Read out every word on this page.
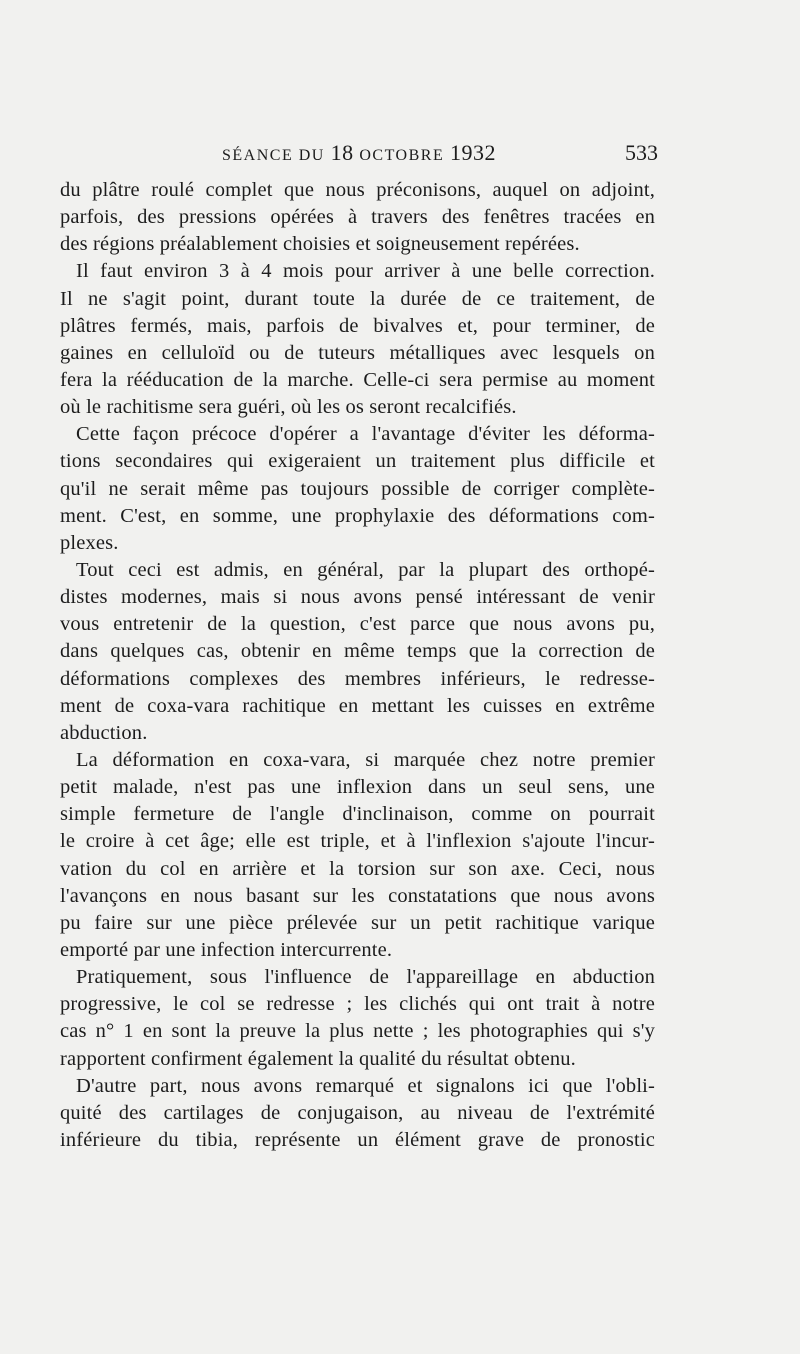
SÉANCE DU 18 OCTOBRE 1932	533
du plâtre roulé complet que nous préconisons, auquel on adjoint,
parfois, des pressions opérées à travers des fenêtres tracées en
des régions préalablement choisies et soigneusement repérées.
Il faut environ 3 à 4 mois pour arriver à une belle correction.
Il ne s'agit point, durant toute la durée de ce traitement, de
plâtres fermés, mais, parfois de bivalves et, pour terminer, de
gaines en celluloïd ou de tuteurs métalliques avec lesquels on
fera la rééducation de la marche. Celle-ci sera permise au moment
où le rachitisme sera guéri, où les os seront recalcifiés.
Cette façon précoce d'opérer a l'avantage d'éviter les déforma-
tions secondaires qui exigeraient un traitement plus difficile et
qu'il ne serait même pas toujours possible de corriger complète-
ment. C'est, en somme, une prophylaxie des déformations com-
plexes.
Tout ceci est admis, en général, par la plupart des orthopé-
distes modernes, mais si nous avons pensé intéressant de venir
vous entretenir de la question, c'est parce que nous avons pu,
dans quelques cas, obtenir en même temps que la correction de
déformations complexes des membres inférieurs, le redresse-
ment de coxa-vara rachitique en mettant les cuisses en extrême
abduction.
La déformation en coxa-vara, si marquée chez notre premier
petit malade, n'est pas une inflexion dans un seul sens, une
simple fermeture de l'angle d'inclinaison, comme on pourrait
le croire à cet âge; elle est triple, et à l'inflexion s'ajoute l'incur-
vation du col en arrière et la torsion sur son axe. Ceci, nous
l'avançons en nous basant sur les constatations que nous avons
pu faire sur une pièce prélevée sur un petit rachitique varique
emporté par une infection intercurrente.
Pratiquement, sous l'influence de l'appareillage en abduction
progressive, le col se redresse ; les clichés qui ont trait à notre
cas n° 1 en sont la preuve la plus nette ; les photographies qui s'y
rapportent confirment également la qualité du résultat obtenu.
D'autre part, nous avons remarqué et signalons ici que l'obli-
quité des cartilages de conjugaison, au niveau de l'extrémité
inférieure du tibia, représente un élément grave de pronostic
